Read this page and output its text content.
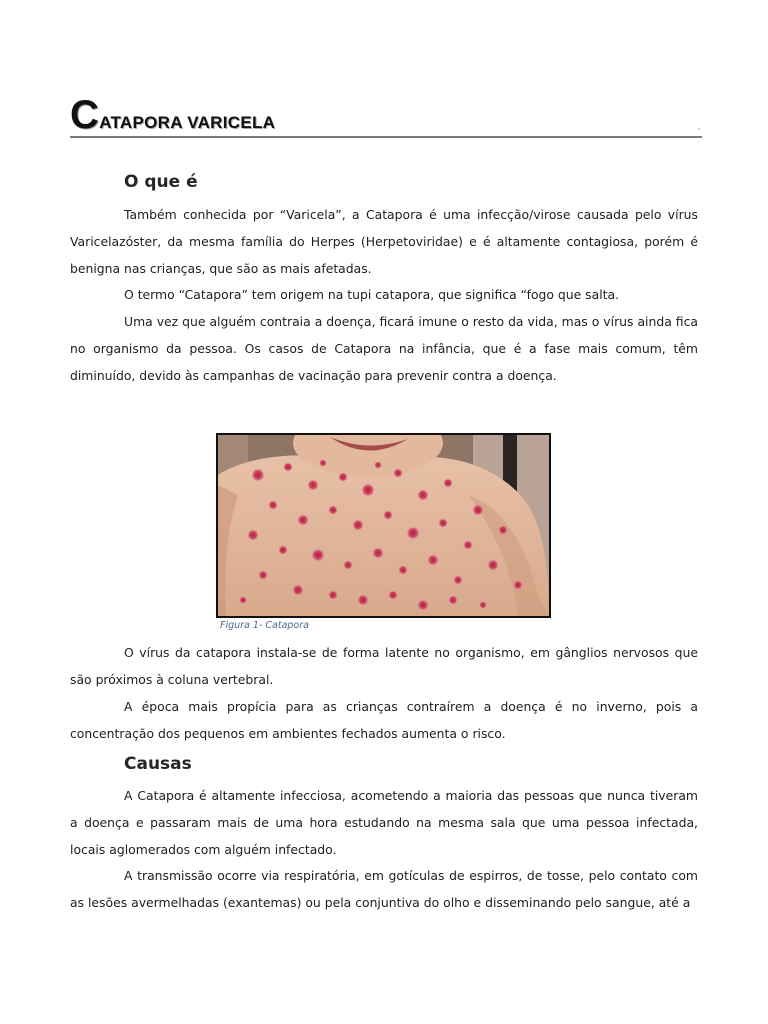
CATAPORA VARICELA	¹
O que é

Também conhecida por “Varicela”, a Catapora é uma infecção/virose causada pelo vírus Varicelazóster, da mesma família do Herpes (Herpetoviridae) e é altamente contagiosa, porém é benigna nas crianças, que são as mais afetadas.

O termo “Catapora” tem origem na tupi catapora, que significa “fogo que salta.

Uma vez que alguém contraia a doença, ficará imune o resto da vida, mas o vírus ainda fica no organismo da pessoa. Os casos de Catapora na infância, que é a fase mais comum, têm diminuído, devido às campanhas de vacinação para prevenir contra a doença.

Figura 1- Catapora

O vírus da catapora instala-se de forma latente no organismo, em gânglios nervosos que são próximos à coluna vertebral.

A época mais propícia para as crianças contraírem a doença é no inverno, pois a concentração dos pequenos em ambientes fechados aumenta o risco.

Causas

A Catapora é altamente infecciosa, acometendo a maioria das pessoas que nunca tiveram a doença e passaram mais de uma hora estudando na mesma sala que uma pessoa infectada, locais aglomerados com alguém infectado.

A transmissão ocorre via respiratória, em gotículas de espirros, de tosse, pelo contato com as lesões avermelhadas (exantemas) ou pela conjuntiva do olho e disseminando pelo sangue, até a
